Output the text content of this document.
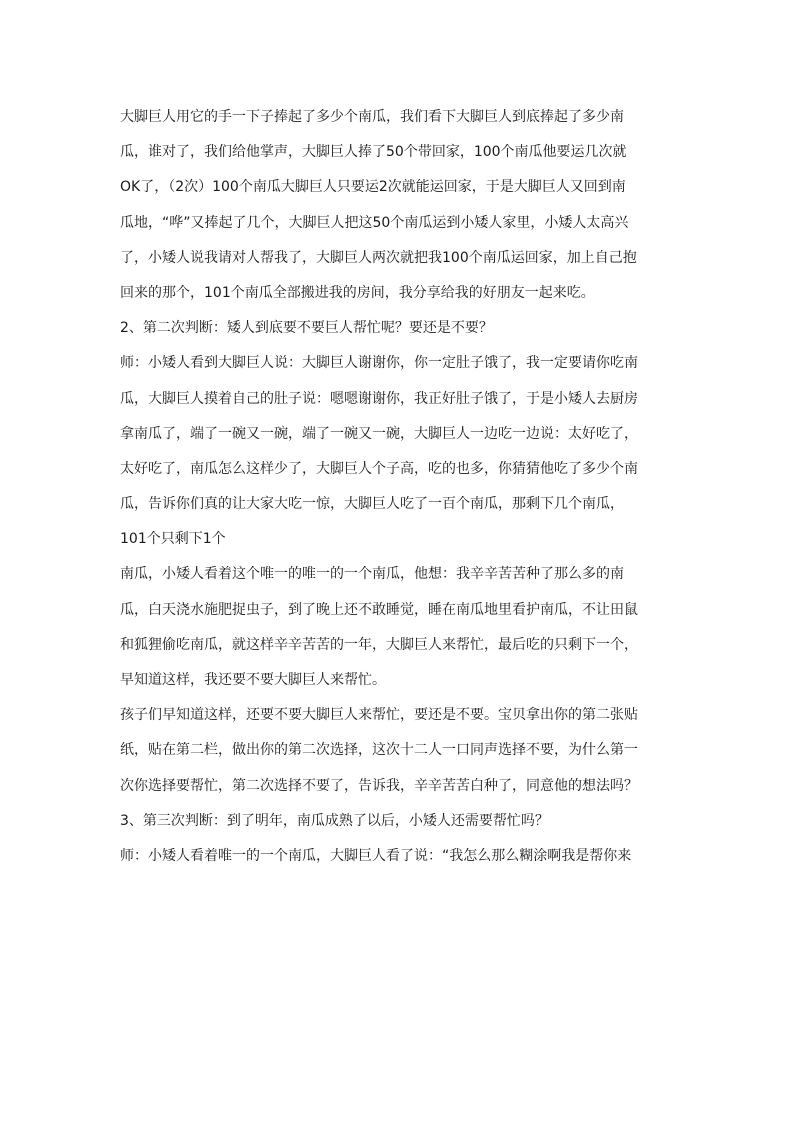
大脚巨人用它的手一下子捧起了多少个南瓜，我们看下大脚巨人到底捧起了多少南
瓜，谁对了，我们给他掌声，大脚巨人捧了50个带回家，100个南瓜他要运几次就
OK了，（2次）100个南瓜大脚巨人只要运2次就能运回家，于是大脚巨人又回到南
瓜地，“哗”又捧起了几个，大脚巨人把这50个南瓜运到小矮人家里，小矮人太高兴
了，小矮人说我请对人帮我了，大脚巨人两次就把我100个南瓜运回家，加上自己抱
回来的那个，101个南瓜全部搬进我的房间，我分享给我的好朋友一起来吃。
2、第二次判断：矮人到底要不要巨人帮忙呢？要还是不要？
师：小矮人看到大脚巨人说：大脚巨人谢谢你，你一定肚子饿了，我一定要请你吃南
瓜，大脚巨人摸着自己的肚子说：嗯嗯谢谢你，我正好肚子饿了，于是小矮人去厨房
拿南瓜了，端了一碗又一碗，端了一碗又一碗，大脚巨人一边吃一边说：太好吃了，
太好吃了，南瓜怎么这样少了，大脚巨人个子高，吃的也多，你猜猜他吃了多少个南
瓜，告诉你们真的让大家大吃一惊，大脚巨人吃了一百个南瓜，那剩下几个南瓜，
101个只剩下1个
南瓜，小矮人看着这个唯一的唯一的一个南瓜，他想：我辛辛苦苦种了那么多的南
瓜，白天浇水施肥捉虫子，到了晚上还不敢睡觉，睡在南瓜地里看护南瓜，不让田鼠
和狐狸偷吃南瓜，就这样辛辛苦苦的一年，大脚巨人来帮忙，最后吃的只剩下一个，
早知道这样，我还要不要大脚巨人来帮忙。
孩子们早知道这样，还要不要大脚巨人来帮忙，要还是不要。宝贝拿出你的第二张贴
纸，贴在第二栏，做出你的第二次选择，这次十二人一口同声选择不要，为什么第一
次你选择要帮忙，第二次选择不要了，告诉我，辛辛苦苦白种了，同意他的想法吗？
3、第三次判断：到了明年，南瓜成熟了以后，小矮人还需要帮忙吗？
师：小矮人看着唯一的一个南瓜，大脚巨人看了说：“我怎么那么糊涂啊我是帮你来
